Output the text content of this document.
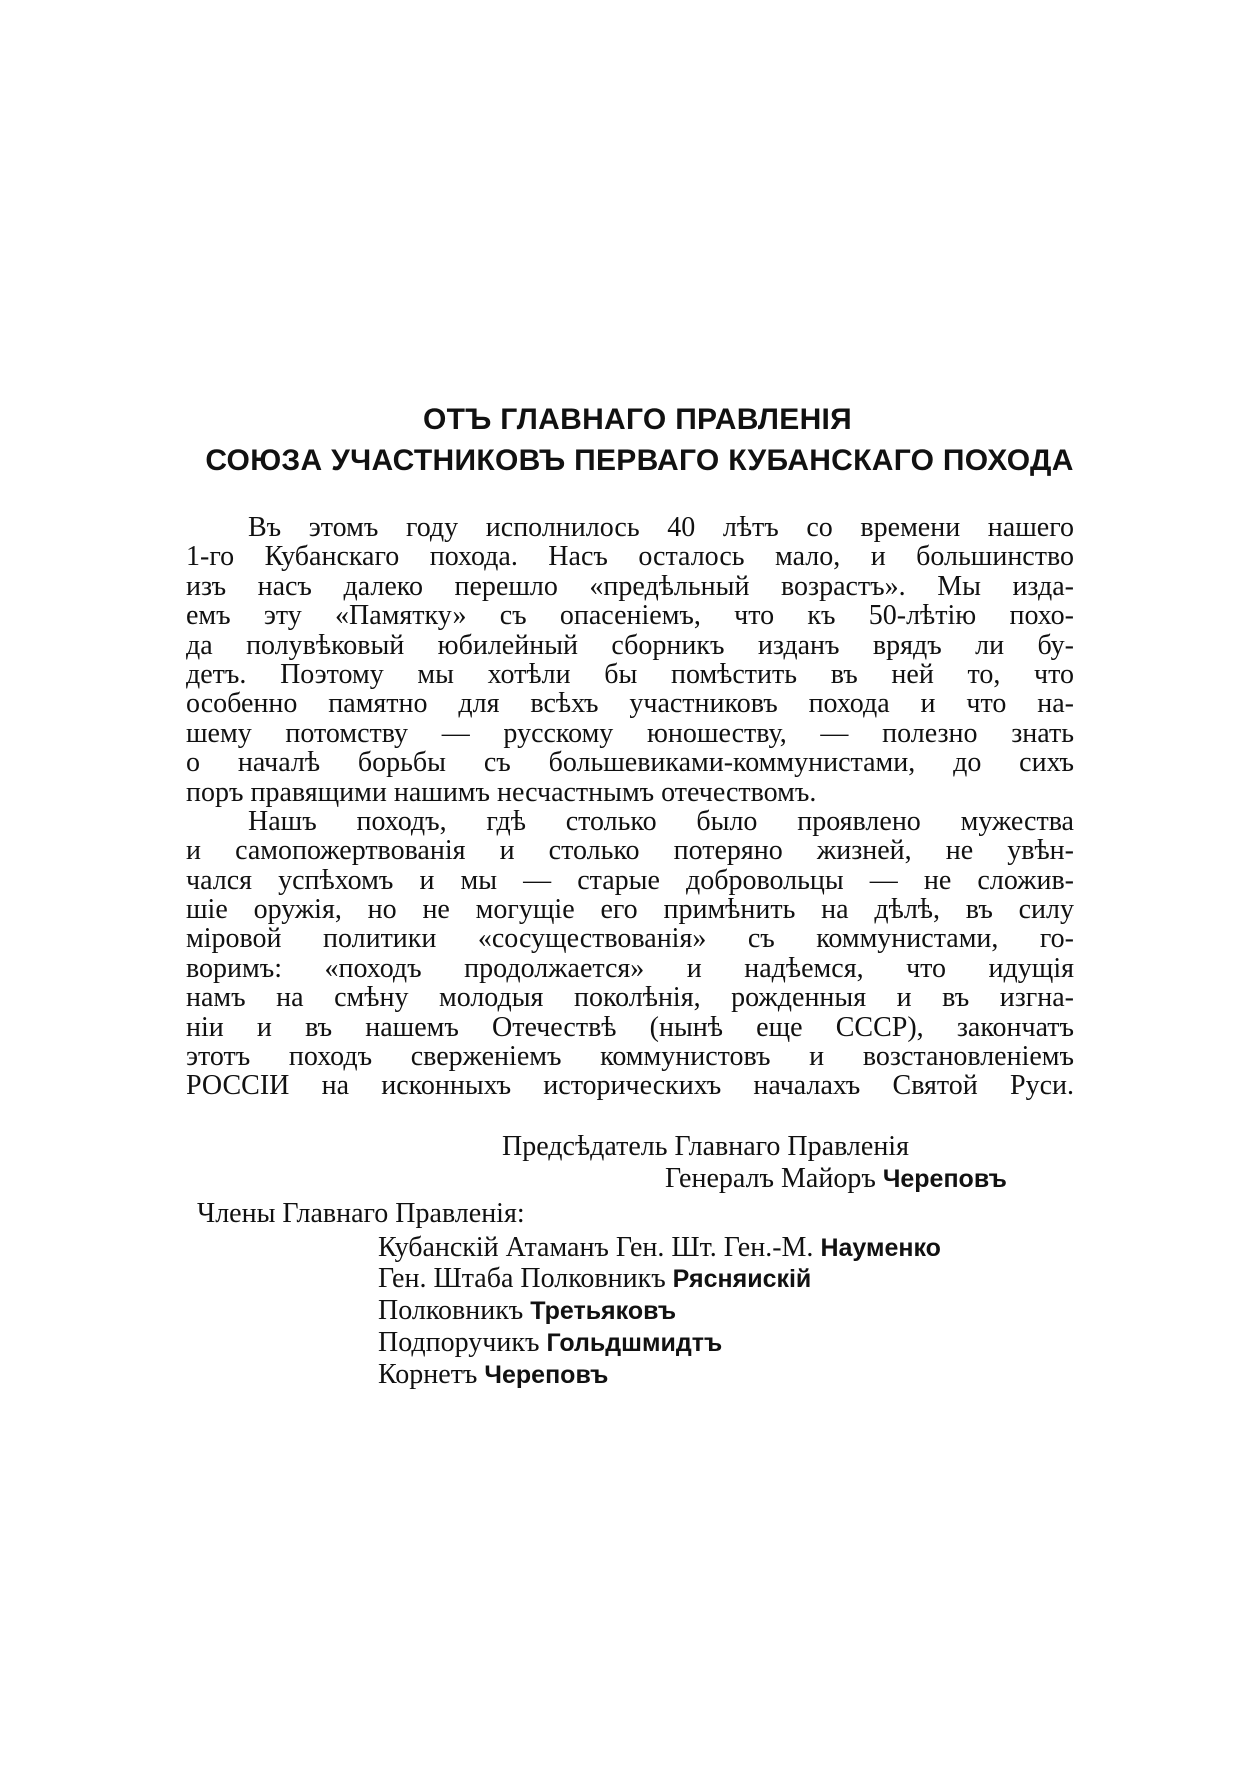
ОТЪ ГЛАВНАГО ПРАВЛЕНІЯ
СОЮЗА УЧАСТНИКОВЪ ПЕРВАГО КУБАНСКАГО ПОХОДА
Въ этомъ году исполнилось 40 лѣтъ со времени нашего
1-го Кубанскаго похода. Насъ осталось мало, и большинство
изъ насъ далеко перешло «предѣльный возрастъ». Мы изда-
емъ эту «Памятку» съ опасеніемъ, что къ 50-лѣтію похо-
да полувѣковый юбилейный сборникъ изданъ врядъ ли бу-
детъ. Поэтому мы хотѣли бы помѣстить въ ней то, что
особенно памятно для всѣхъ участниковъ похода и что на-
шему потомству — русскому юношеству, — полезно знать
о началѣ борьбы съ большевиками-коммунистами, до сихъ
поръ правящими нашимъ несчастнымъ отечествомъ.
Нашъ походъ, гдѣ столько было проявлено мужества
и самопожертвованія и столько потеряно жизней, не увѣн-
чался успѣхомъ и мы — старые добровольцы — не сложив-
шіе оружія, но не могущіе его примѣнить на дѣлѣ, въ силу
міровой политики «сосуществованія» съ коммунистами, го-
воримъ: «походъ продолжается» и надѣемся, что идущія
намъ на смѣну молодыя поколѣнія, рожденныя и въ изгна-
ніи и въ нашемъ Отечествѣ (нынѣ еще СССР), закончатъ
этотъ походъ сверженіемъ коммунистовъ и возстановленіемъ
РОССІИ на исконныхъ историческихъ началахъ Святой Руси.
Предсѣдатель Главнаго Правленія
Генералъ Майоръ Череповъ
Члены Главнаго Правленія:
Кубанскій Атаманъ Ген. Шт. Ген.-М. Науменко
Ген. Штаба Полковникъ Рясняискій
Полковникъ Третьяковъ
Подпоручикъ Гольдшмидтъ
Корнетъ Череповъ
